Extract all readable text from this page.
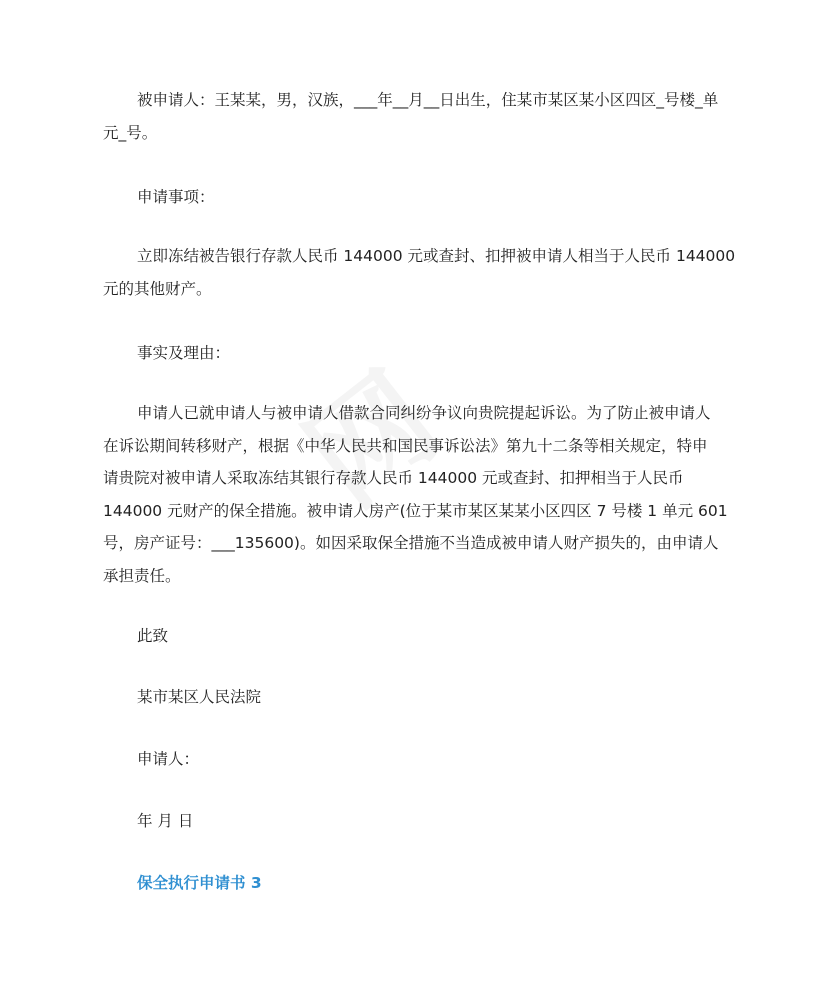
被申请人：王某某，男，汉族，___年__月__日出生，住某市某区某小区四区_号楼_单

元_号。

申请事项：

立即冻结被告银行存款人民币 144000 元或查封、扣押被申请人相当于人民币 144000

元的其他财产。

事实及理由：

申请人已就申请人与被申请人借款合同纠纷争议向贵院提起诉讼。为了防止被申请人

在诉讼期间转移财产，根据《中华人民共和国民事诉讼法》第九十二条等相关规定，特申

请贵院对被申请人采取冻结其银行存款人民币 144000 元或查封、扣押相当于人民币

144000 元财产的保全措施。被申请人房产(位于某市某区某某小区四区 7 号楼 1 单元 601

号，房产证号：___135600)。如因采取保全措施不当造成被申请人财产损失的，由申请人

承担责任。

此致

某市某区人民法院

申请人：

年 月 日

保全执行申请书 3
